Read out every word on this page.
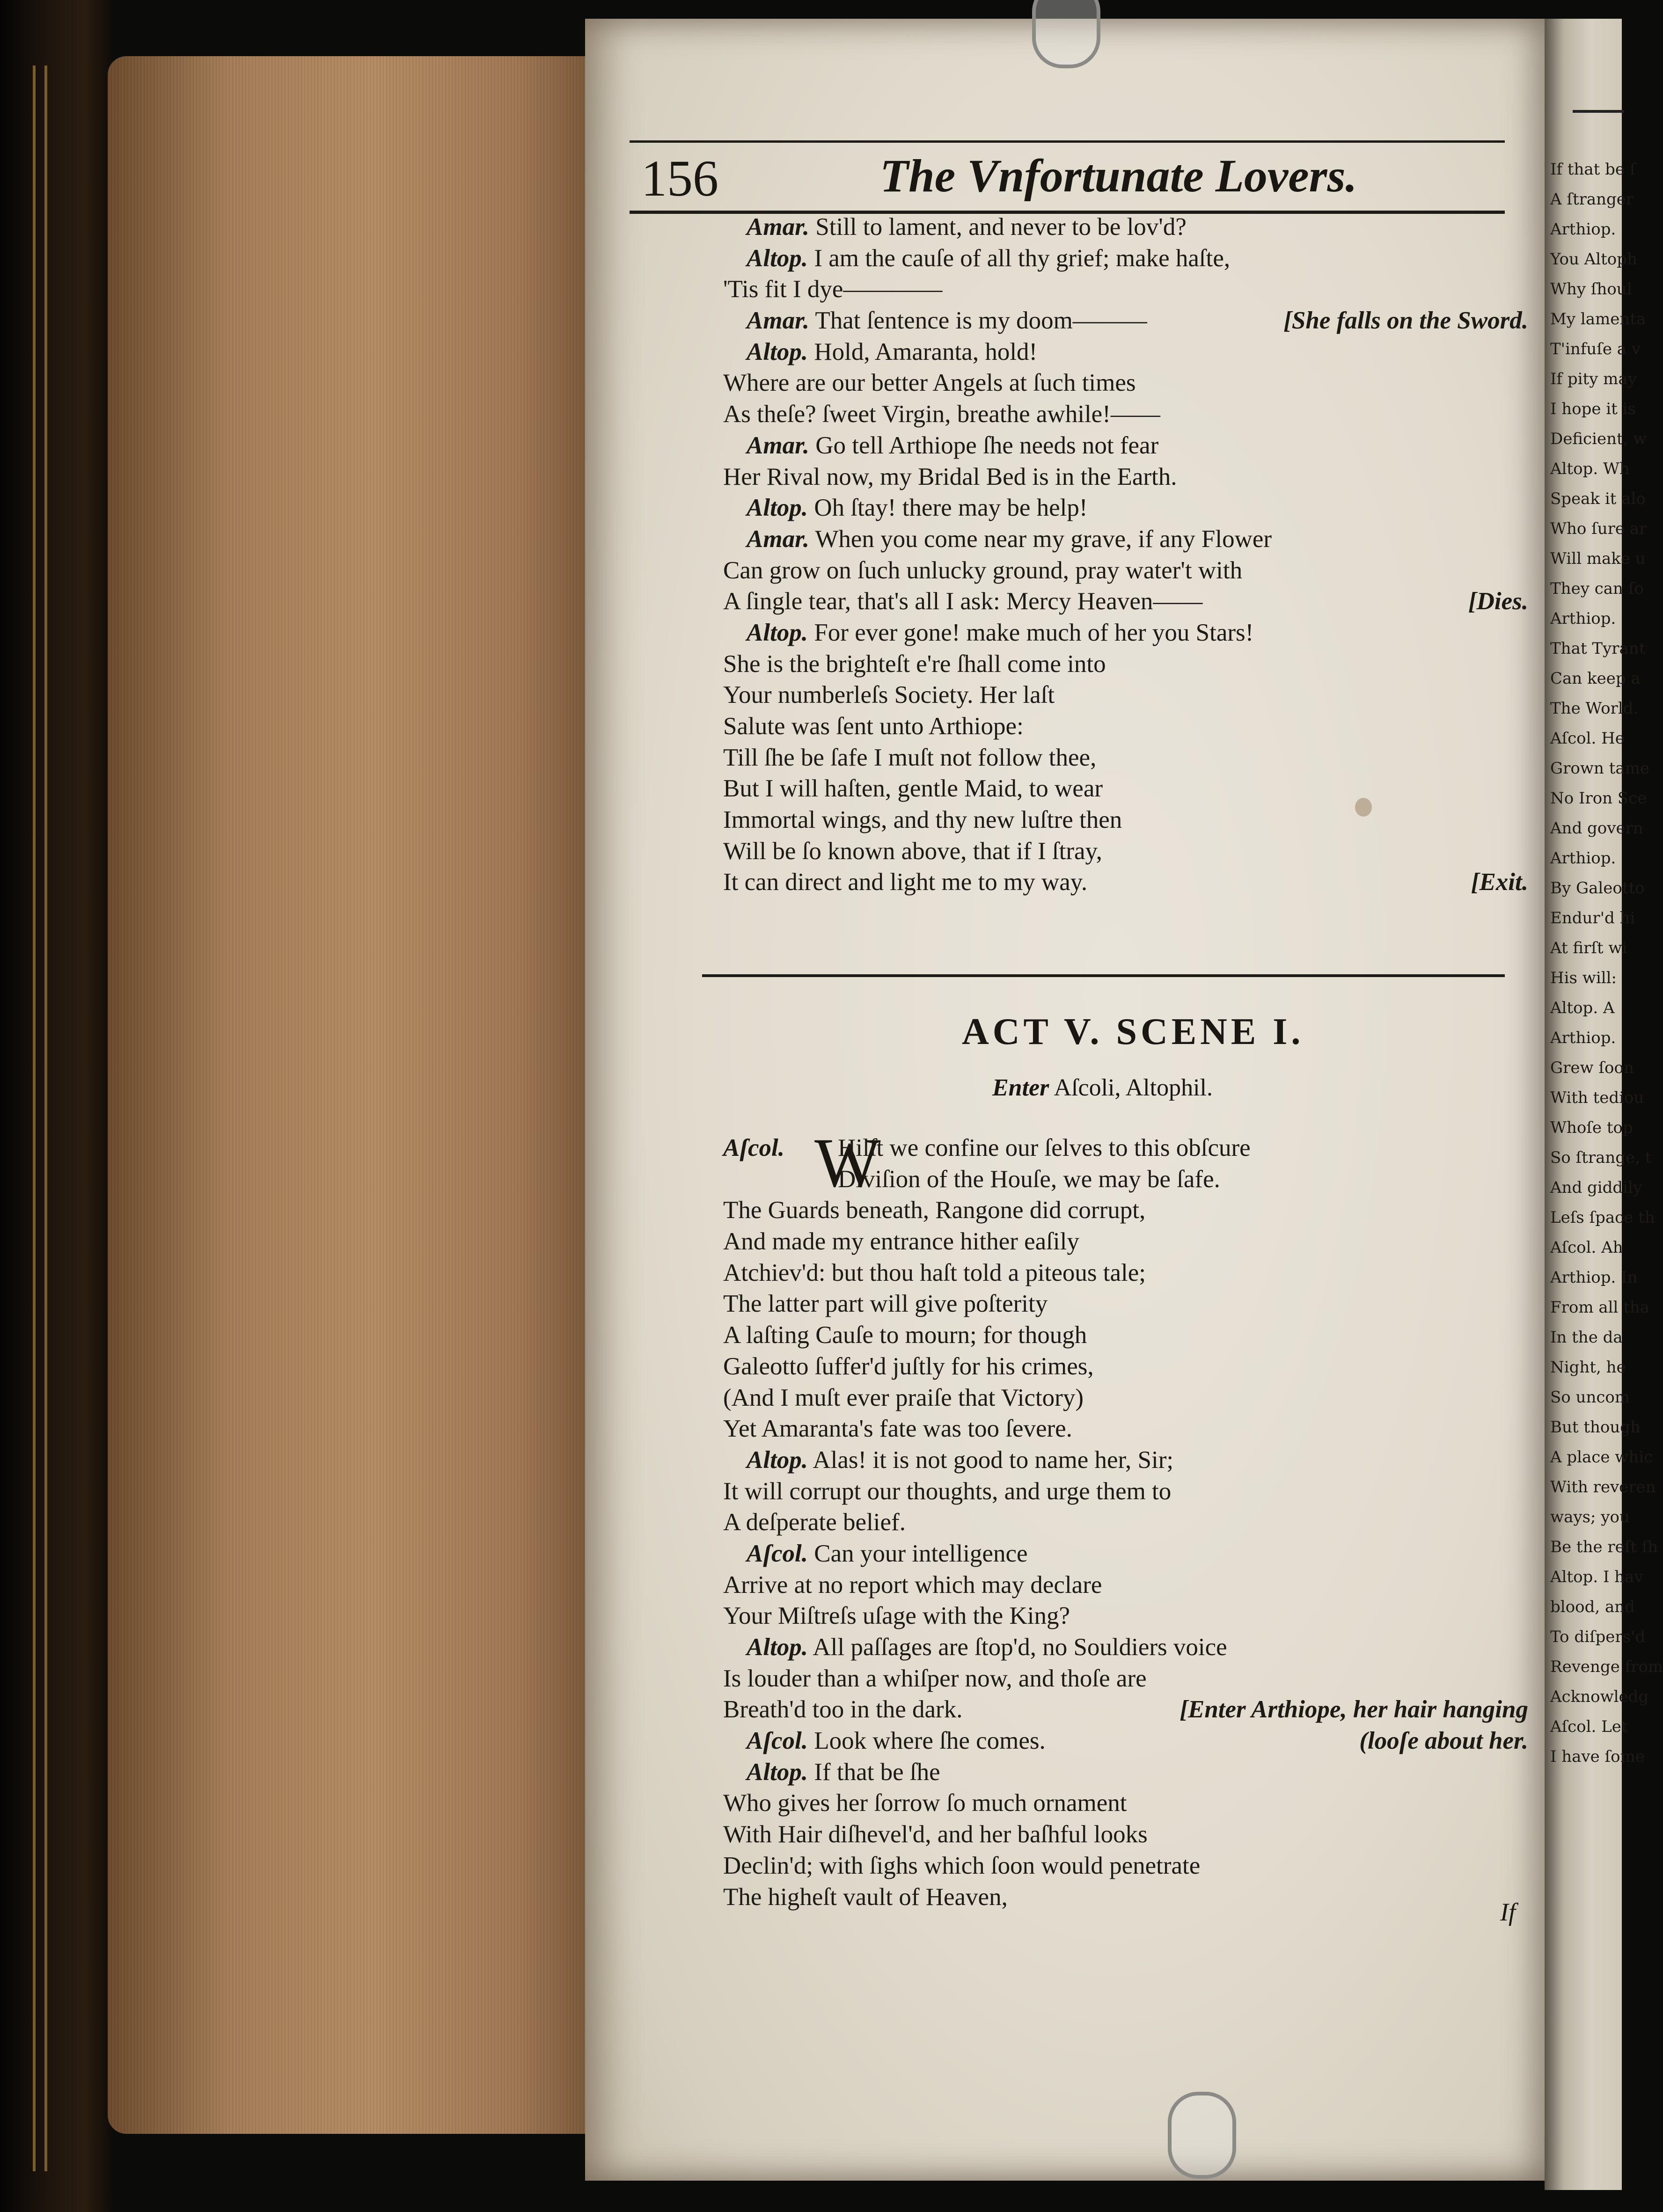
If that be ſ
A ſtranger
Arthiop.
You Altoph
Why ſhoul
My lamenta
T'infuſe a v
If pity may
I hope it is
Deficient, w
Altop. Wh
Speak it alo
Who ſure ar
Will make u
They can ſo
Arthiop.
That Tyrant
Can keep a
The World.
Aſcol. He
Grown tame
No Iron Sce
And govern
Arthiop.
By Galeotto
Endur'd hi
At firſt wi
His will:
Altop. A
Arthiop.
Grew ſoon
With tediou
Whoſe top
So ſtrange, t
And giddily
Leſs ſpace th
Aſcol. Ah
Arthiop. In
From all tha
In the da
Night, he
So uncom
But though
A place whic
With reveren
ways; you
Be the reſt ſh
Altop. I hav
blood, and
To diſpers'd
Revenge from
Acknowledg
Aſcol. Let
I have ſome
156	The Vnfortunate Lovers.
Amar. Still to lament, and never to be lov'd?
Altop. I am the cauſe of all thy grief; make haſte,
'Tis fit I dye————
Amar. That ſentence is my doom———	[She falls on the Sword.
Altop. Hold, Amaranta, hold!
Where are our better Angels at ſuch times
As theſe? ſweet Virgin, breathe awhile!——
Amar. Go tell Arthiope ſhe needs not fear
Her Rival now, my Bridal Bed is in the Earth.
Altop. Oh ſtay! there may be help!
Amar. When you come near my grave, if any Flower
Can grow on ſuch unlucky ground, pray water't with
A ſingle tear, that's all I ask: Mercy Heaven——	[Dies.
Altop. For ever gone! make much of her you Stars!
She is the brighteſt e're ſhall come into
Your numberleſs Society. Her laſt
Salute was ſent unto Arthiope:
Till ſhe be ſafe I muſt not follow thee,
But I will haſten, gentle Maid, to wear
Immortal wings, and thy new luſtre then
Will be ſo known above, that if I ſtray,
It can direct and light me to my way.	[Exit.
ACT V. SCENE I.
Enter Aſcoli, Altophil.
W
Aſcol. Hilſt we confine our ſelves to this obſcure
Diviſion of the Houſe, we may be ſafe.
The Guards beneath, Rangone did corrupt,
And made my entrance hither eaſily
Atchiev'd: but thou haſt told a piteous tale;
The latter part will give poſterity
A laſting Cauſe to mourn; for though
Galeotto ſuffer'd juſtly for his crimes,
(And I muſt ever praiſe that Victory)
Yet Amaranta's fate was too ſevere.
Altop. Alas! it is not good to name her, Sir;
It will corrupt our thoughts, and urge them to
A deſperate belief.
Aſcol. Can your intelligence
Arrive at no report which may declare
Your Miſtreſs uſage with the King?
Altop. All paſſages are ſtop'd, no Souldiers voice
Is louder than a whiſper now, and thoſe are
Breath'd too in the dark.	[Enter Arthiope, her hair hanging
Aſcol. Look where ſhe comes.	(looſe about her.
Altop. If that be ſhe
Who gives her ſorrow ſo much ornament
With Hair diſhevel'd, and her baſhful looks
Declin'd; with ſighs which ſoon would penetrate
The higheſt vault of Heaven,
If
